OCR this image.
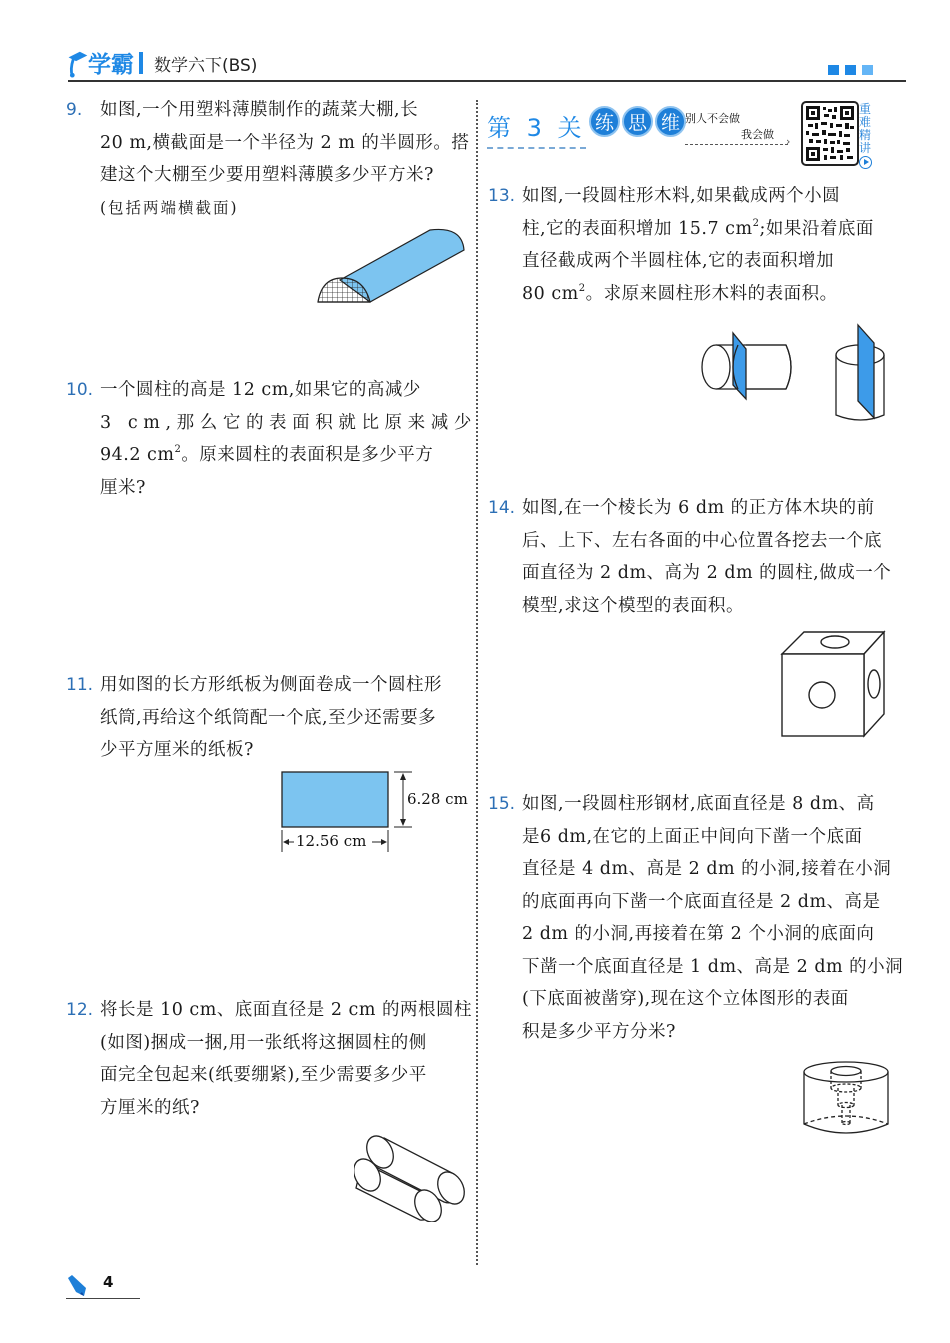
学霸 数学六下(BS)
9. 如图,一个用塑料薄膜制作的蔬菜大棚,长
20 m,横截面是一个半径为 2 m 的半圆形。搭
建这个大棚至少要用塑料薄膜多少平方米?
(包括两端横截面)
10. 一个圆柱的高是 12 cm,如果它的高减少
3 cm,那么它的表面积就比原来减少
94.2 $cm^2$。原来圆柱的表面积是多少平方
厘米?
11. 用如图的长方形纸板为侧面卷成一个圆柱形
纸筒,再给这个纸筒配一个底,至少还需要多
少平方厘米的纸板?
6.28 cm
12.56 cm
12. 将长是 10 cm、底面直径是 2 cm 的两根圆柱
(如图)捆成一捆,用一张纸将这捆圆柱的侧
面完全包起来(纸要绷紧),至少需要多少平
方厘米的纸?
第 3 关 练 思 维 别人不会做
我会做
›
重 难 精 讲
13. 如图,一段圆柱形木料,如果截成两个小圆
柱,它的表面积增加 15.7 $cm^2$;如果沿着底面
直径截成两个半圆柱体,它的表面积增加
80 $cm^2$。求原来圆柱形木料的表面积。
14. 如图,在一个棱长为 6 dm 的正方体木块的前
后、上下、左右各面的中心位置各挖去一个底
面直径为 2 dm、高为 2 dm 的圆柱,做成一个
模型,求这个模型的表面积。
15. 如图,一段圆柱形钢材,底面直径是 8 dm、高
是6 dm,在它的上面正中间向下凿一个底面
直径是 4 dm、高是 2 dm 的小洞,接着在小洞
的底面再向下凿一个底面直径是 2 dm、高是
2 dm 的小洞,再接着在第 2 个小洞的底面向
下凿一个底面直径是 1 dm、高是 2 dm 的小洞
(下底面被凿穿),现在这个立体图形的表面
积是多少平方分米?
4
